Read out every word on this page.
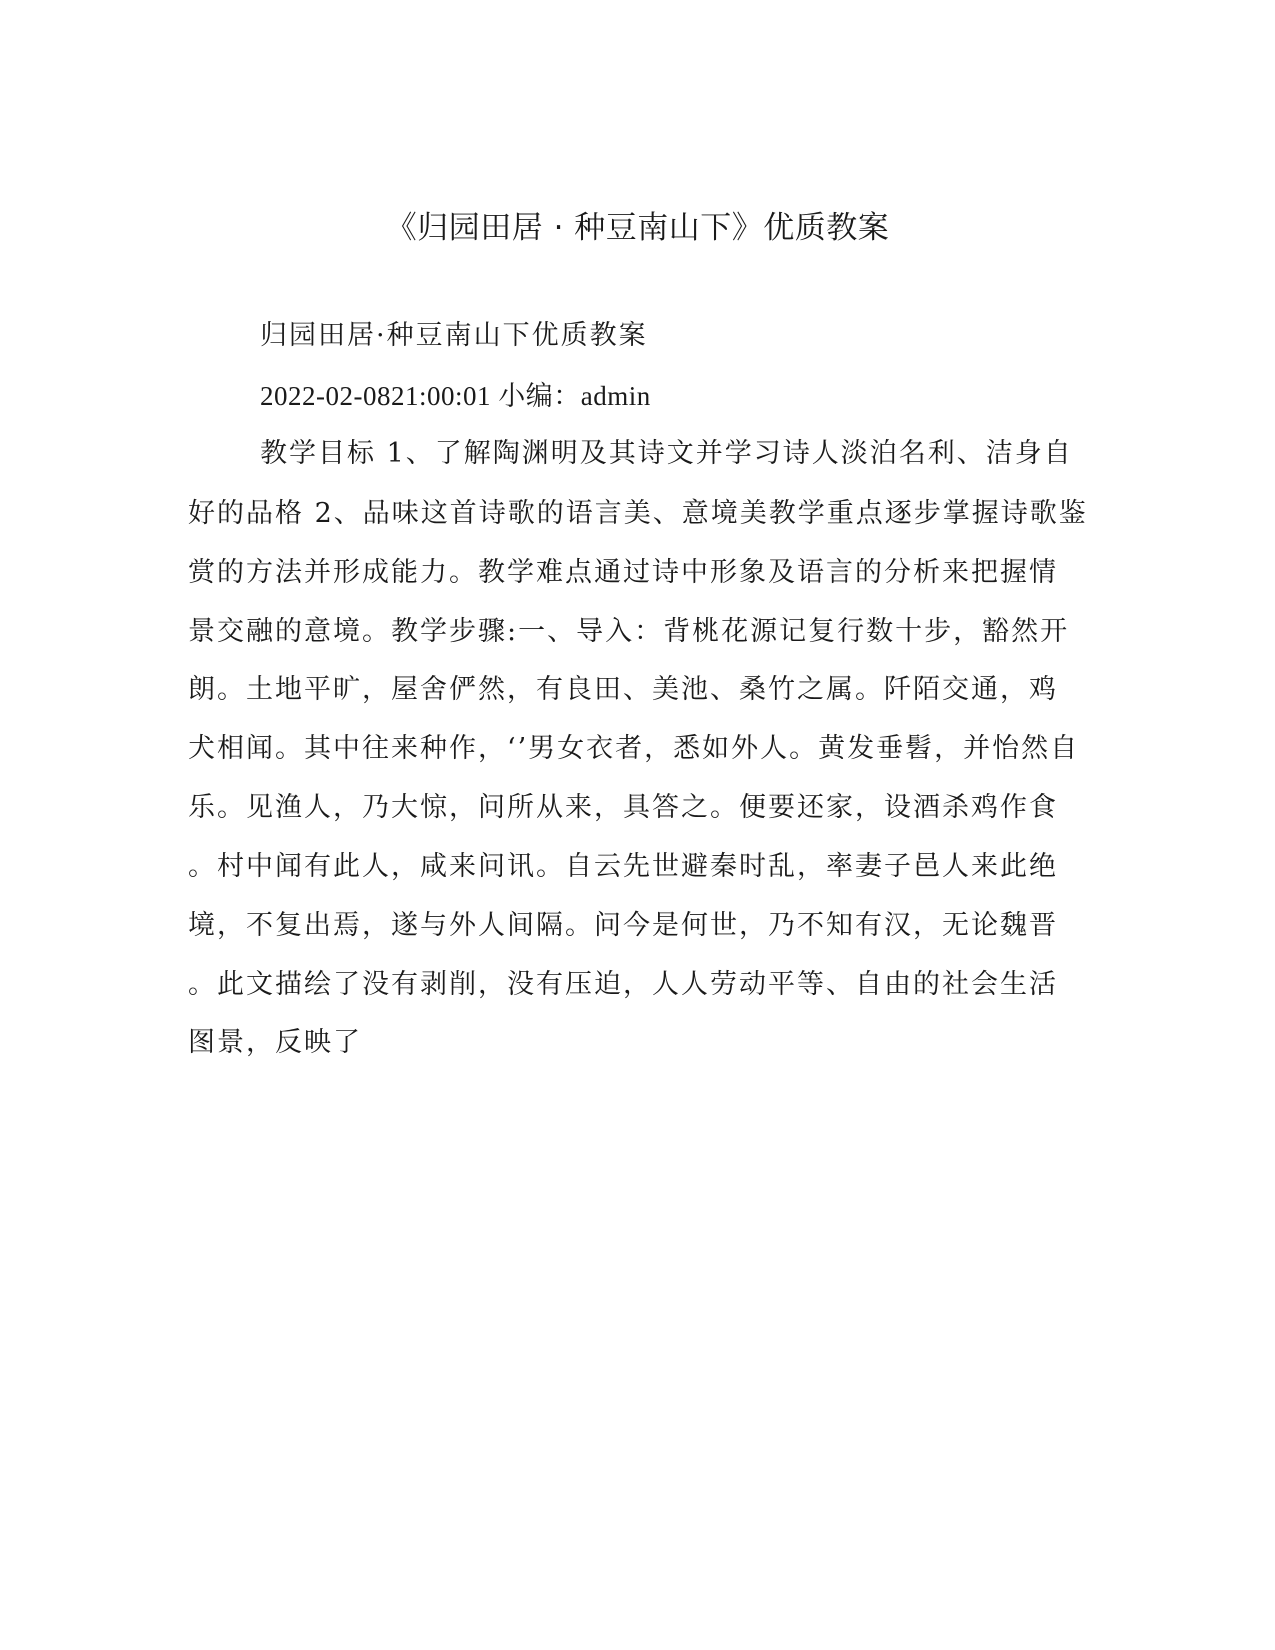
《归园田居 · 种豆南山下》优质教案
归园田居·种豆南山下优质教案
2022-02-0821:00:01 小编：admin
教学目标 1、了解陶渊明及其诗文并学习诗人淡泊名利、洁身自
好的品格 2、品味这首诗歌的语言美、意境美教学重点逐步掌握诗歌鉴
赏的方法并形成能力。教学难点通过诗中形象及语言的分析来把握情
景交融的意境。教学步骤:一、导入：背桃花源记复行数十步，豁然开
朗。土地平旷，屋舍俨然，有良田、美池、桑竹之属。阡陌交通，鸡
犬相闻。其中往来种作，‘’男女衣者，悉如外人。黄发垂髫，并怡然自
乐。见渔人，乃大惊，问所从来，具答之。便要还家，设酒杀鸡作食
。村中闻有此人，咸来问讯。自云先世避秦时乱，率妻子邑人来此绝
境，不复出焉，遂与外人间隔。问今是何世，乃不知有汉，无论魏晋
。此文描绘了没有剥削，没有压迫，人人劳动平等、自由的社会生活
图景，反映了
